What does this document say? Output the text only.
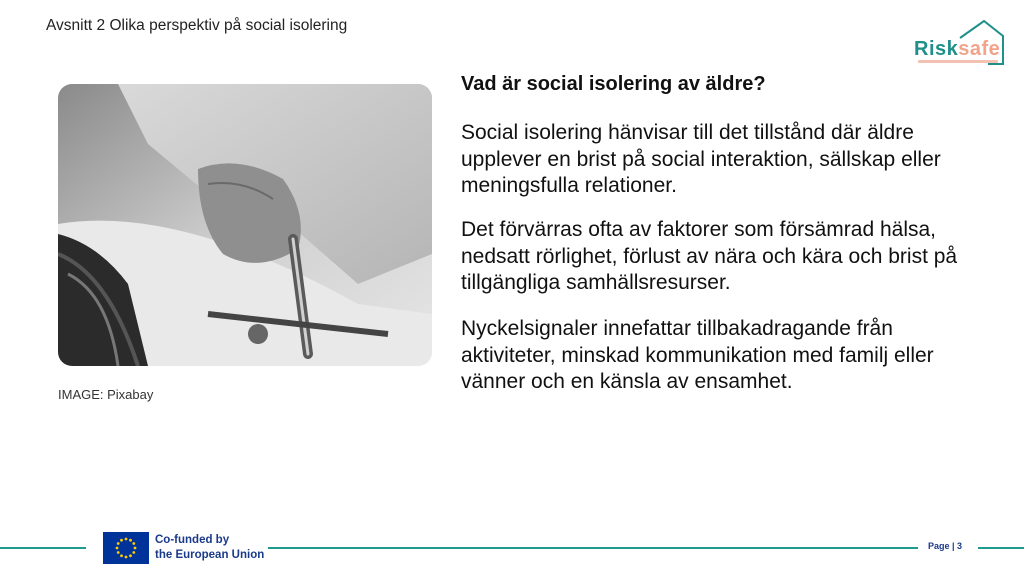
Avsnitt 2 Olika perspektiv på social isolering
Risksafe
IMAGE: Pixabay
Vad är social isolering av äldre?

Social isolering hänvisar till det tillstånd där äldre upplever en brist på social interaktion, sällskap eller meningsfulla relationer.

Det förvärras ofta av faktorer som försämrad hälsa, nedsatt rörlighet, förlust av nära och kära och brist på tillgängliga samhällsresurser.

Nyckelsignaler innefattar tillbakadragande från aktiviteter, minskad kommunikation med familj eller vänner och en känsla av ensamhet.

Co-funded by
the European Union
Page | 3
